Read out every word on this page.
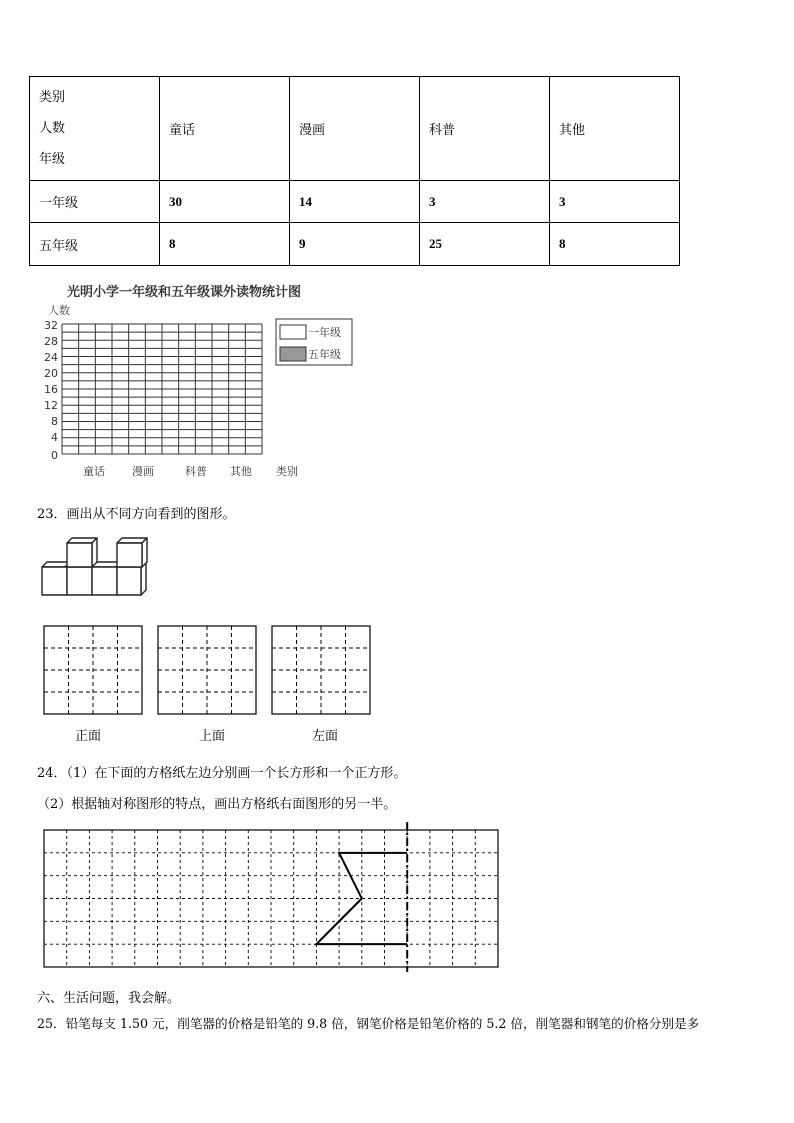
类别
人数
年级	童话	漫画	科普	其他
一年级	30	14	3	3
五年级	8	9	25	8
光明小学一年级和五年级课外读物统计图
人数
32
28
24
20
16
12
8
4
0
童话 漫画	科普 其他 类别
一年级
五年级
23．画出从不同方向看到的图形。
正面	上面	左面
24．（1）在下面的方格纸左边分别画一个长方形和一个正方形。
（2）根据轴对称图形的特点，画出方格纸右面图形的另一半。
六、生活问题，我会解。
25．铅笔每支 1.50 元，削笔器的价格是铅笔的 9.8 倍，钢笔价格是铅笔价格的 5.2 倍，削笔器和钢笔的价格分别是多
